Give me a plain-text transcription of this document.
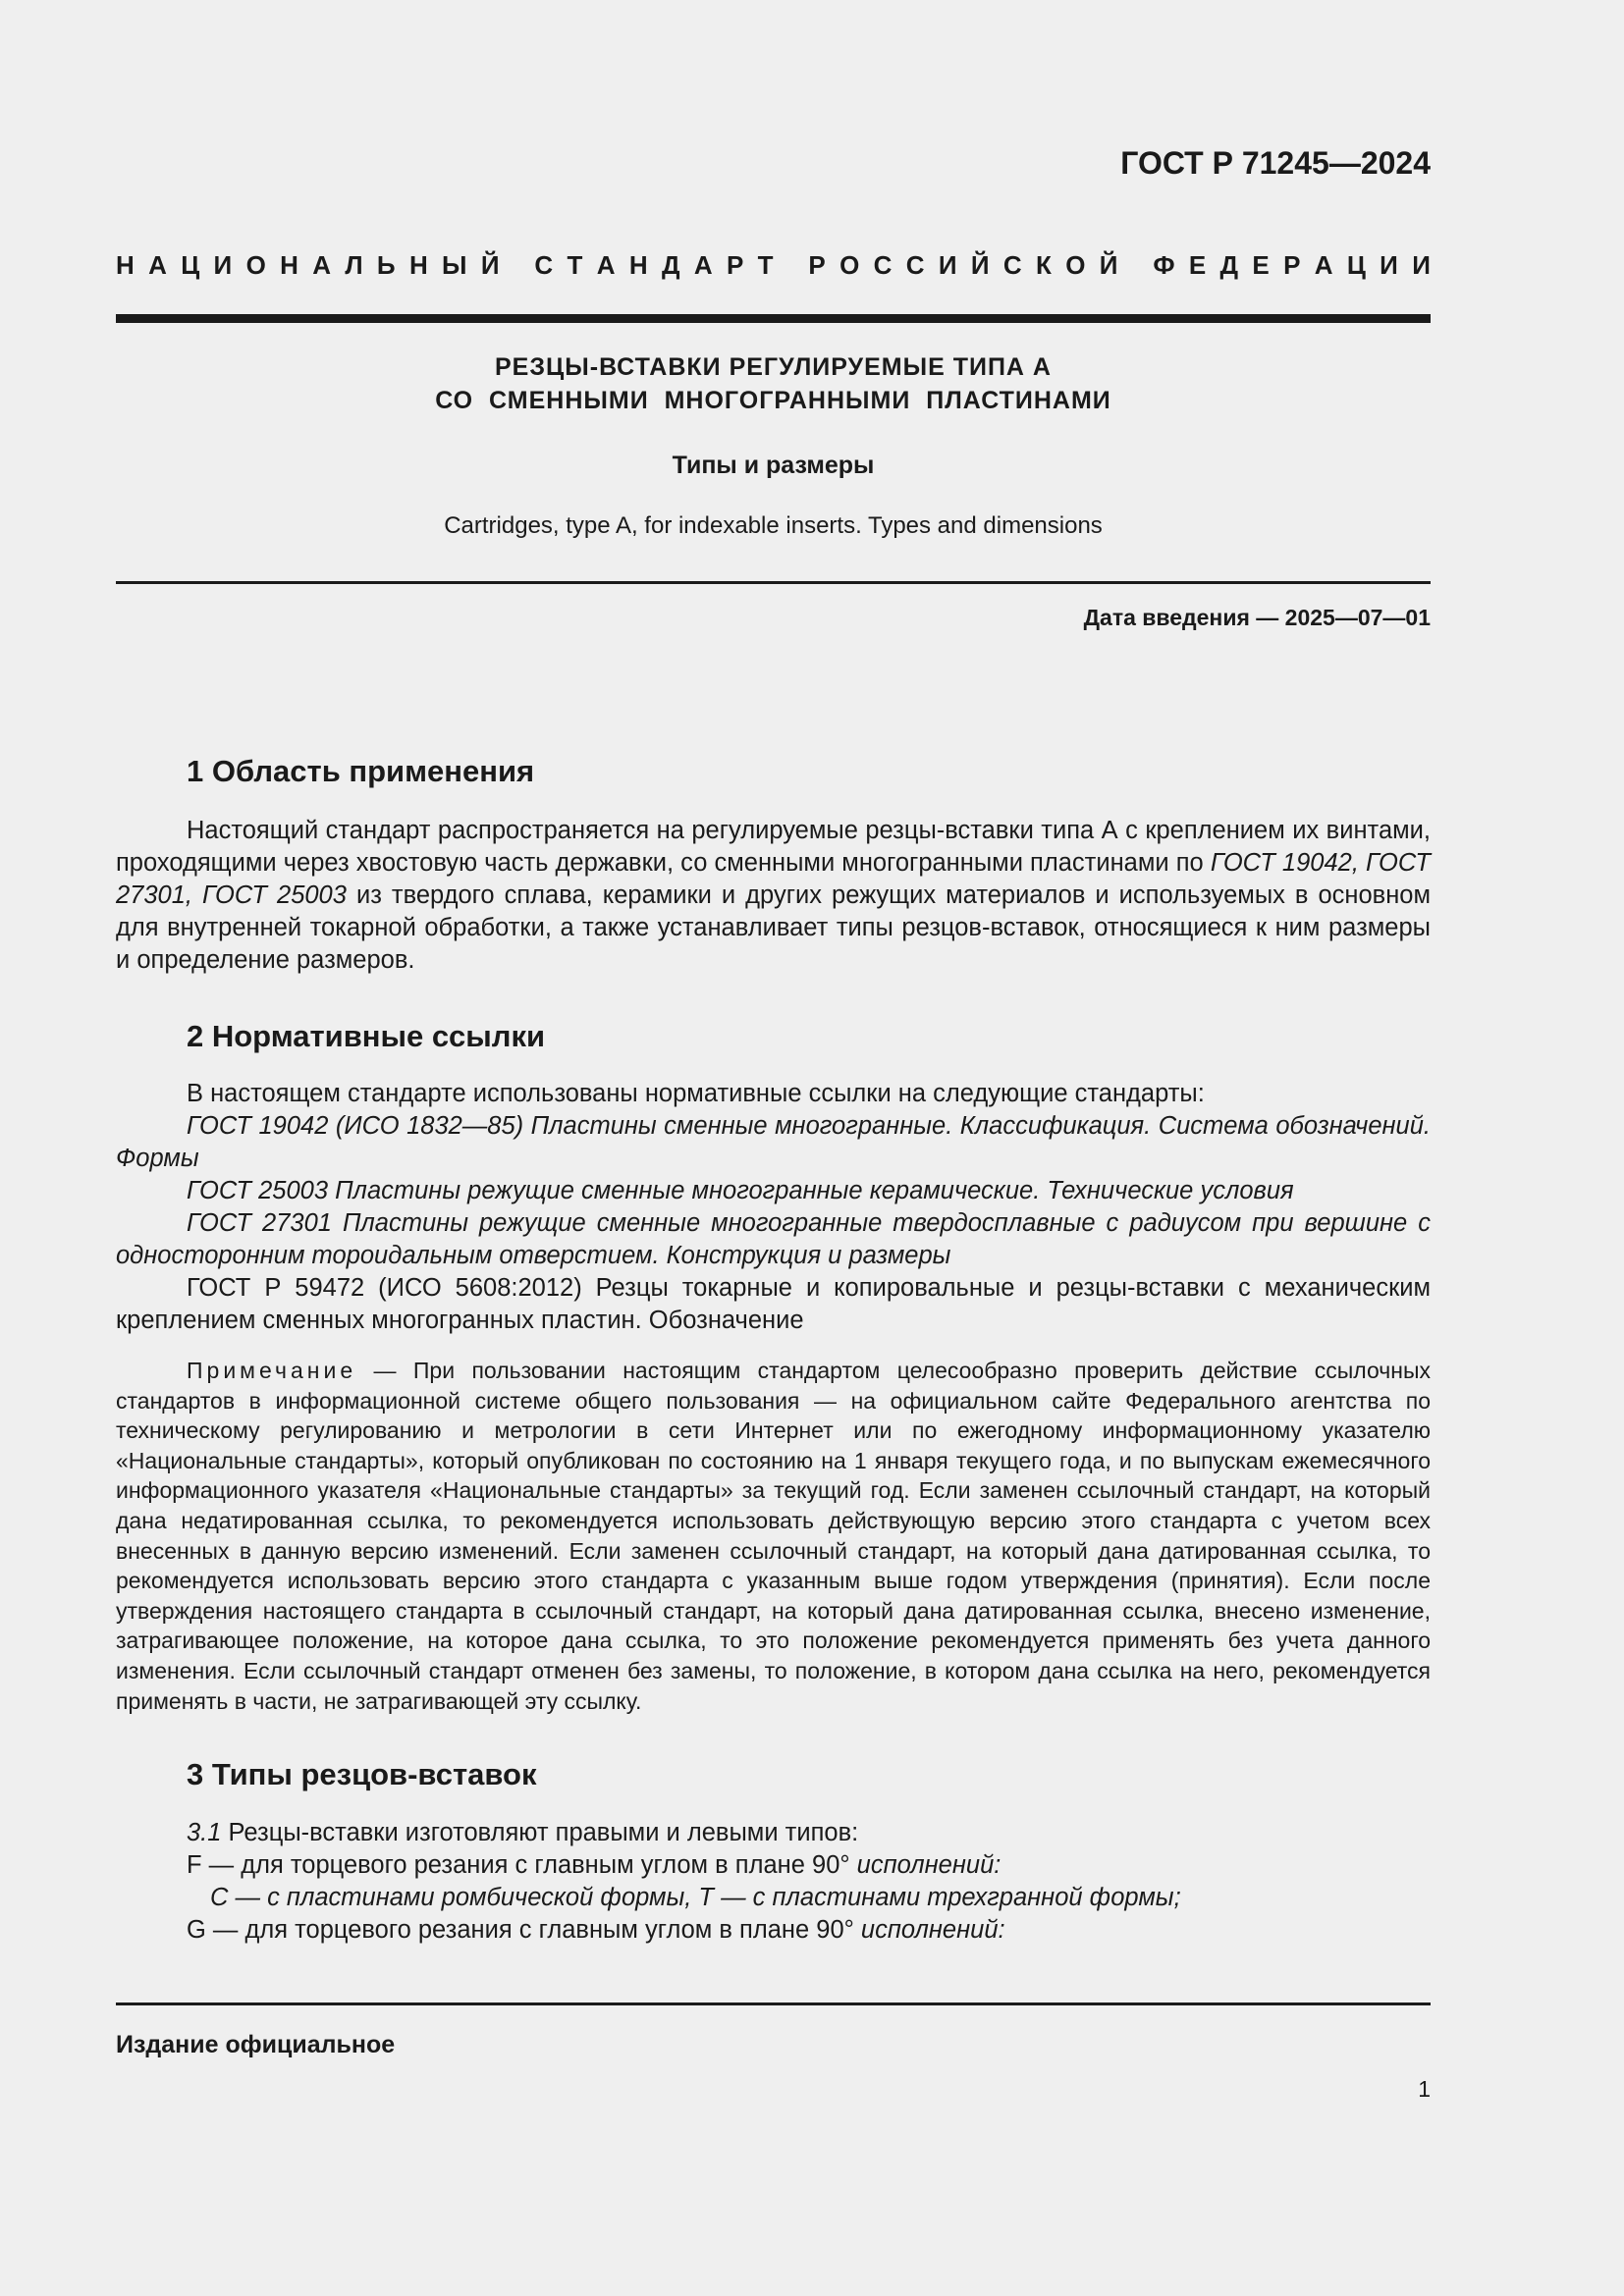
ГОСТ Р 71245—2024
Н А Ц И О Н А Л Ь Н Ы Й
С Т А Н Д А Р Т
Р О С С И Й С К О Й
Ф Е Д Е Р А Ц И И
РЕЗЦЫ-ВСТАВКИ РЕГУЛИРУЕМЫЕ ТИПА А
СО СМЕННЫМИ МНОГОГРАННЫМИ ПЛАСТИНАМИ
Типы и размеры
Cartridges, type A, for indexable inserts. Types and dimensions
Дата введения — 2025—07—01
1 Область применения

Настоящий стандарт распространяется на регулируемые резцы-вставки типа А с креплением их винтами, проходящими через хвостовую часть державки, со сменными многогранными пластинами по ГОСТ 19042, ГОСТ 27301, ГОСТ 25003 из твердого сплава, керамики и других режущих материалов и используемых в основном для внутренней токарной обработки, а также устанавливает типы резцов-вставок, относящиеся к ним размеры и определение размеров.

2 Нормативные ссылки

В настоящем стандарте использованы нормативные ссылки на следующие стандарты:

ГОСТ 19042 (ИСО 1832—85) Пластины сменные многогранные. Классификация. Система обозначений. Формы

ГОСТ 25003 Пластины режущие сменные многогранные керамические. Технические условия

ГОСТ 27301 Пластины режущие сменные многогранные твердосплавные с радиусом при вершине с односторонним тороидальным отверстием. Конструкция и размеры

ГОСТ Р 59472 (ИСО 5608:2012) Резцы токарные и копировальные и резцы-вставки с механическим креплением сменных многогранных пластин. Обозначение

Примечание — При пользовании настоящим стандартом целесообразно проверить действие ссылочных стандартов в информационной системе общего пользования — на официальном сайте Федерального агентства по техническому регулированию и метрологии в сети Интернет или по ежегодному информационному указателю «Национальные стандарты», который опубликован по состоянию на 1 января текущего года, и по выпускам ежемесячного информационного указателя «Национальные стандарты» за текущий год. Если заменен ссылочный стандарт, на который дана недатированная ссылка, то рекомендуется использовать действующую версию этого стандарта с учетом всех внесенных в данную версию изменений. Если заменен ссылочный стандарт, на который дана датированная ссылка, то рекомендуется использовать версию этого стандарта с указанным выше годом утверждения (принятия). Если после утверждения настоящего стандарта в ссылочный стандарт, на который дана датированная ссылка, внесено изменение, затрагивающее положение, на которое дана ссылка, то это положение рекомендуется применять без учета данного изменения. Если ссылочный стандарт отменен без замены, то положение, в котором дана ссылка на него, рекомендуется применять в части, не затрагивающей эту ссылку.

3 Типы резцов-вставок

3.1 Резцы-вставки изготовляют правыми и левыми типов:

F — для торцевого резания с главным углом в плане 90° исполнений:

С — с пластинами ромбической формы, Т — с пластинами трехгранной формы;

G — для торцевого резания с главным углом в плане 90° исполнений:

Издание официальное
1
